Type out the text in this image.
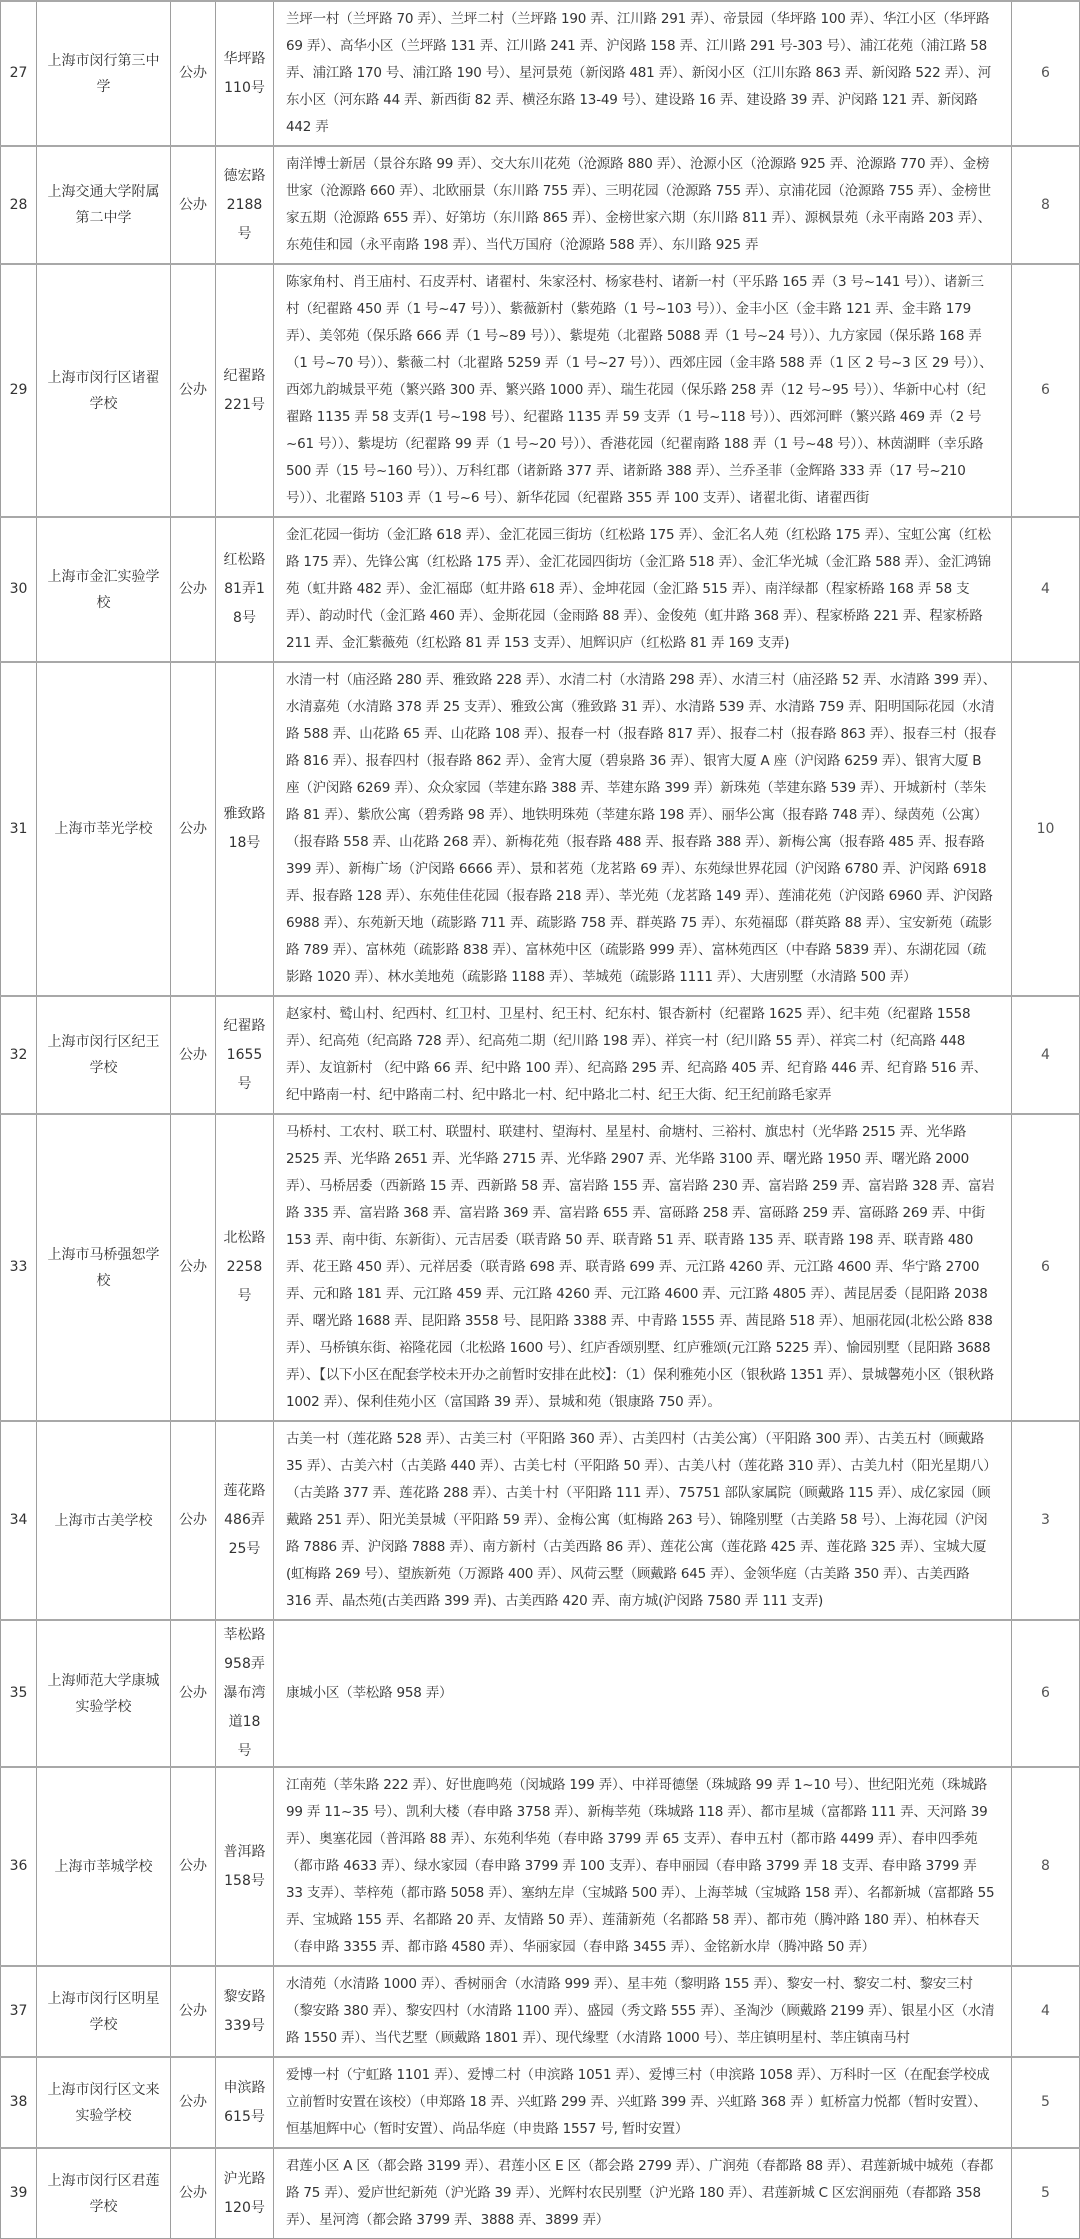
27	上海市闵行第三中学	公办	华坪路110号	兰坪一村（兰坪路 70 弄）、兰坪二村（兰坪路 190 弄、江川路 291 弄）、帝景园（华坪路 100 弄）、华江小区（华坪路 69 弄）、高华小区（兰坪路 131 弄、江川路 241 弄、沪闵路 158 弄、江川路 291 号-303 号）、浦江花苑（浦江路 58 弄、浦江路 170 号、浦江路 190 号）、星河景苑（新闵路 481 弄）、新闵小区（江川东路 863 弄、新闵路 522 弄）、河东小区（河东路 44 弄、新西街 82 弄、横泾东路 13-49 号）、建设路 16 弄、建设路 39 弄、沪闵路 121 弄、新闵路 442 弄	6
28	上海交通大学附属第二中学	公办	德宏路2188号	南洋博士新居（景谷东路 99 弄）、交大东川花苑（沧源路 880 弄）、沧源小区（沧源路 925 弄、沧源路 770 弄）、金榜世家（沧源路 660 弄）、北欧丽景（东川路 755 弄）、三明花园（沧源路 755 弄）、京浦花园（沧源路 755 弄）、金榜世家五期（沧源路 655 弄）、好第坊（东川路 865 弄）、金榜世家六期（东川路 811 弄）、源枫景苑（永平南路 203 弄）、东苑佳和园（永平南路 198 弄）、当代万国府（沧源路 588 弄）、东川路 925 弄	8
29	上海市闵行区诸翟学校	公办	纪翟路221号	陈家角村、肖王庙村、石皮弄村、诸翟村、朱家泾村、杨家巷村、诸新一村（平乐路 165 弄（3 号~141 号））、诸新三村（纪翟路 450 弄（1 号~47 号））、紫薇新村（紫苑路（1 号~103 号））、金丰小区（金丰路 121 弄、金丰路 179 弄）、美邻苑（保乐路 666 弄（1 号~89 号））、紫堤苑（北翟路 5088 弄（1 号~24 号））、九方家园（保乐路 168 弄（1 号~70 号））、紫薇二村（北翟路 5259 弄（1 号~27 号））、西郊庄园（金丰路 588 弄（1 区 2 号~3 区 29 号））、西郊九韵城景平苑（繁兴路 300 弄、繁兴路 1000 弄）、瑞生花园（保乐路 258 弄（12 号~95 号））、华新中心村（纪翟路 1135 弄 58 支弄(1 号~198 号）、纪翟路 1135 弄 59 支弄（1 号~118 号））、西郊河畔（繁兴路 469 弄（2 号~61 号））、紫堤坊（纪翟路 99 弄（1 号~20 号））、香港花园（纪翟南路 188 弄（1 号~48 号））、林茵湖畔（幸乐路 500 弄（15 号~160 号））、万科红郡（诸新路 377 弄、诸新路 388 弄）、兰乔圣菲（金辉路 333 弄（17 号~210 号））、北翟路 5103 弄（1 号~6 号）、新华花园（纪翟路 355 弄 100 支弄）、诸翟北街、诸翟西街	6
30	上海市金汇实验学校	公办	红松路81弄18号	金汇花园一街坊（金汇路 618 弄）、金汇花园三街坊（红松路 175 弄）、金汇名人苑（红松路 175 弄）、宝虹公寓（红松路 175 弄）、先锋公寓（红松路 175 弄）、金汇花园四街坊（金汇路 518 弄）、金汇华光城（金汇路 588 弄）、金汇鸿锦苑（虹井路 482 弄）、金汇福邸（虹井路 618 弄）、金坤花园（金汇路 515 弄）、南洋绿都（程家桥路 168 弄 58 支弄）、韵动时代（金汇路 460 弄）、金斯花园（金雨路 88 弄）、金俊苑（虹井路 368 弄）、程家桥路 221 弄、程家桥路 211 弄、金汇紫薇苑（红松路 81 弄 153 支弄）、旭辉识庐（红松路 81 弄 169 支弄)	4
31	上海市莘光学校	公办	雅致路18号	水清一村（庙泾路 280 弄、雅致路 228 弄）、水清二村（水清路 298 弄）、水清三村（庙泾路 52 弄、水清路 399 弄）、水清嘉苑（水清路 378 弄 25 支弄）、雅致公寓（雅致路 31 弄）、水清路 539 弄、水清路 759 弄、阳明国际花园（水清路 588 弄、山花路 65 弄、山花路 108 弄）、报春一村（报春路 817 弄）、报春二村（报春路 863 弄）、报春三村（报春路 816 弄）、报春四村（报春路 862 弄）、金宵大厦（碧泉路 36 弄）、银宵大厦 A 座（沪闵路 6259 弄）、银宵大厦 B 座（沪闵路 6269 弄）、众众家园（莘建东路 388 弄、莘建东路 399 弄）新珠苑（莘建东路 539 弄）、开城新村（莘朱路 81 弄）、紫欣公寓（碧秀路 98 弄）、地铁明珠苑（莘建东路 198 弄）、丽华公寓（报春路 748 弄）、绿茵苑（公寓）（报春路 558 弄、山花路 268 弄）、新梅花苑（报春路 488 弄、报春路 388 弄）、新梅公寓（报春路 485 弄、报春路 399 弄）、新梅广场（沪闵路 6666 弄）、景和茗苑（龙茗路 69 弄）、东苑绿世界花园（沪闵路 6780 弄、沪闵路 6918 弄、报春路 128 弄）、东苑佳佳花园（报春路 218 弄）、莘光苑（龙茗路 149 弄）、莲浦花苑（沪闵路 6960 弄、沪闵路 6988 弄）、东苑新天地（疏影路 711 弄、疏影路 758 弄、群英路 75 弄）、东苑福邸（群英路 88 弄）、宝安新苑（疏影路 789 弄）、富林苑（疏影路 838 弄）、富林苑中区（疏影路 999 弄）、富林苑西区（中春路 5839 弄）、东湖花园（疏影路 1020 弄）、林水美地苑（疏影路 1188 弄）、莘城苑（疏影路 1111 弄）、大唐别墅（水清路 500 弄）	10
32	上海市闵行区纪王学校	公办	纪翟路1655号	赵家村、鹫山村、纪西村、红卫村、卫星村、纪王村、纪东村、银杏新村（纪翟路 1625 弄）、纪丰苑（纪翟路 1558 弄）、纪高苑（纪高路 728 弄）、纪高苑二期（纪川路 198 弄）、祥宾一村（纪川路 55 弄）、祥宾二村（纪高路 448 弄）、友谊新村 （纪中路 66 弄、纪中路 100 弄）、纪高路 295 弄、纪高路 405 弄、纪育路 446 弄、纪育路 516 弄、纪中路南一村、纪中路南二村、纪中路北一村、纪中路北二村、纪王大街、纪王纪前路毛家弄	4
33	上海市马桥强恕学校	公办	北松路2258号	马桥村、工农村、联工村、联盟村、联建村、望海村、星星村、俞塘村、三裕村、旗忠村（光华路 2515 弄、光华路 2525 弄、光华路 2651 弄、光华路 2715 弄、光华路 2907 弄、光华路 3100 弄、曙光路 1950 弄、曙光路 2000 弄）、马桥居委（西新路 15 弄、西新路 58 弄、富岩路 155 弄、富岩路 230 弄、富岩路 259 弄、富岩路 328 弄、富岩路 335 弄、富岩路 368 弄、富岩路 369 弄、富岩路 655 弄、富砾路 258 弄、富砾路 259 弄、富砾路 269 弄、中街 153 弄、南中街、东新街）、元吉居委（联青路 50 弄、联青路 51 弄、联青路 135 弄、联青路 198 弄、联青路 480 弄、花王路 450 弄）、元祥居委（联青路 698 弄、联青路 699 弄、元江路 4260 弄、元江路 4600 弄、华宁路 2700 弄、元和路 181 弄、元江路 459 弄、元江路 4260 弄、元江路 4600 弄、元江路 4805 弄）、茜昆居委（昆阳路 2038 弄、曙光路 1688 弄、昆阳路 3558 号、昆阳路 3388 弄、中青路 1555 弄、茜昆路 518 弄）、旭丽花园(北松公路 838 弄）、马桥镇东街、裕隆花园（北松路 1600 号）、红庐香颂别墅、红庐雅颂(元江路 5225 弄）、愉园别墅（昆阳路 3688 弄）、【以下小区在配套学校未开办之前暂时安排在此校】：（1）保利雅苑小区（银秋路 1351 弄）、景城馨苑小区（银秋路 1002 弄）、保利佳苑小区（富国路 39 弄）、景城和苑（银康路 750 弄）。	6
34	上海市古美学校	公办	莲花路486弄25号	古美一村（莲花路 528 弄）、古美三村（平阳路 360 弄）、古美四村（古美公寓）（平阳路 300 弄）、古美五村（顾戴路 35 弄）、古美六村（古美路 440 弄）、古美七村（平阳路 50 弄）、古美八村（莲花路 310 弄）、古美九村（阳光星期八）（古美路 377 弄、莲花路 288 弄）、古美十村（平阳路 111 弄）、75751 部队家属院（顾戴路 115 弄）、成亿家园（顾戴路 251 弄）、阳光美景城（平阳路 59 弄）、金梅公寓（虹梅路 263 号）、锦隆别墅（古美路 58 号）、上海花园（沪闵路 7886 弄、沪闵路 7888 弄）、南方新村（古美西路 86 弄）、莲花公寓（莲花路 425 弄、莲花路 325 弄）、宝城大厦(虹梅路 269 号）、望族新苑（万源路 400 弄）、风荷云墅（顾戴路 645 弄）、金领华庭（古美路 350 弄）、古美西路 316 弄、晶杰苑(古美西路 399 弄)、古美西路 420 弄、南方城(沪闵路 7580 弄 111 支弄)	3
35	上海师范大学康城实验学校	公办	莘松路958弄瀑布湾道18号	康城小区（莘松路 958 弄）	6
36	上海市莘城学校	公办	普洱路158号	江南苑（莘朱路 222 弄）、好世鹿鸣苑（闵城路 199 弄）、中祥哥德堡（珠城路 99 弄 1~10 号）、世纪阳光苑（珠城路 99 弄 11~35 号）、凯利大楼（春申路 3758 弄）、新梅莘苑（珠城路 118 弄）、都市星城（富都路 111 弄、天河路 39 弄）、奥塞花园（普洱路 88 弄）、东苑利华苑（春申路 3799 弄 65 支弄）、春申五村（都市路 4499 弄）、春申四季苑（都市路 4633 弄）、绿水家园（春申路 3799 弄 100 支弄）、春申丽园（春申路 3799 弄 18 支弄、春申路 3799 弄 33 支弄）、莘梓苑（都市路 5058 弄）、塞纳左岸（宝城路 500 弄）、上海莘城（宝城路 158 弄）、名都新城（富都路 55 弄、宝城路 155 弄、名都路 20 弄、友情路 50 弄）、莲蒲新苑（名都路 58 弄）、都市苑（腾冲路 180 弄）、柏林春天（春申路 3355 弄、都市路 4580 弄）、华丽家园（春申路 3455 弄）、金铭新水岸（腾冲路 50 弄）	8
37	上海市闵行区明星学校	公办	黎安路339号	水清苑（水清路 1000 弄）、香树丽舍（水清路 999 弄）、星丰苑（黎明路 155 弄）、黎安一村、黎安二村、黎安三村（黎安路 380 弄）、黎安四村（水清路 1100 弄）、盛园（秀文路 555 弄）、圣淘沙（顾戴路 2199 弄）、银星小区（水清路 1550 弄）、当代艺墅（顾戴路 1801 弄）、现代缘墅（水清路 1000 号）、莘庄镇明星村、莘庄镇南马村	4
38	上海市闵行区文来实验学校	公办	申滨路615号	爱博一村（宁虹路 1101 弄）、爱博二村（申滨路 1051 弄）、爱博三村（申滨路 1058 弄）、万科时一区（在配套学校成立前暂时安置在该校）（申郑路 18 弄、兴虹路 299 弄、兴虹路 399 弄、兴虹路 368 弄 ）虹桥富力悦都（暂时安置）、恒基旭辉中心（暂时安置）、尚品华庭（申贵路 1557 号, 暂时安置）	5
39	上海市闵行区君莲学校	公办	沪光路120号	君莲小区 A 区（都会路 3199 弄）、君莲小区 E 区（都会路 2799 弄）、广润苑（春都路 88 弄）、君莲新城中城苑（春都路 75 弄）、爱庐世纪新苑（沪光路 39 弄）、光辉村农民别墅（沪光路 180 弄）、君莲新城 C 区宏润丽苑（春都路 358 弄）、星河湾（都会路 3799 弄、3888 弄、3899 弄）	5
